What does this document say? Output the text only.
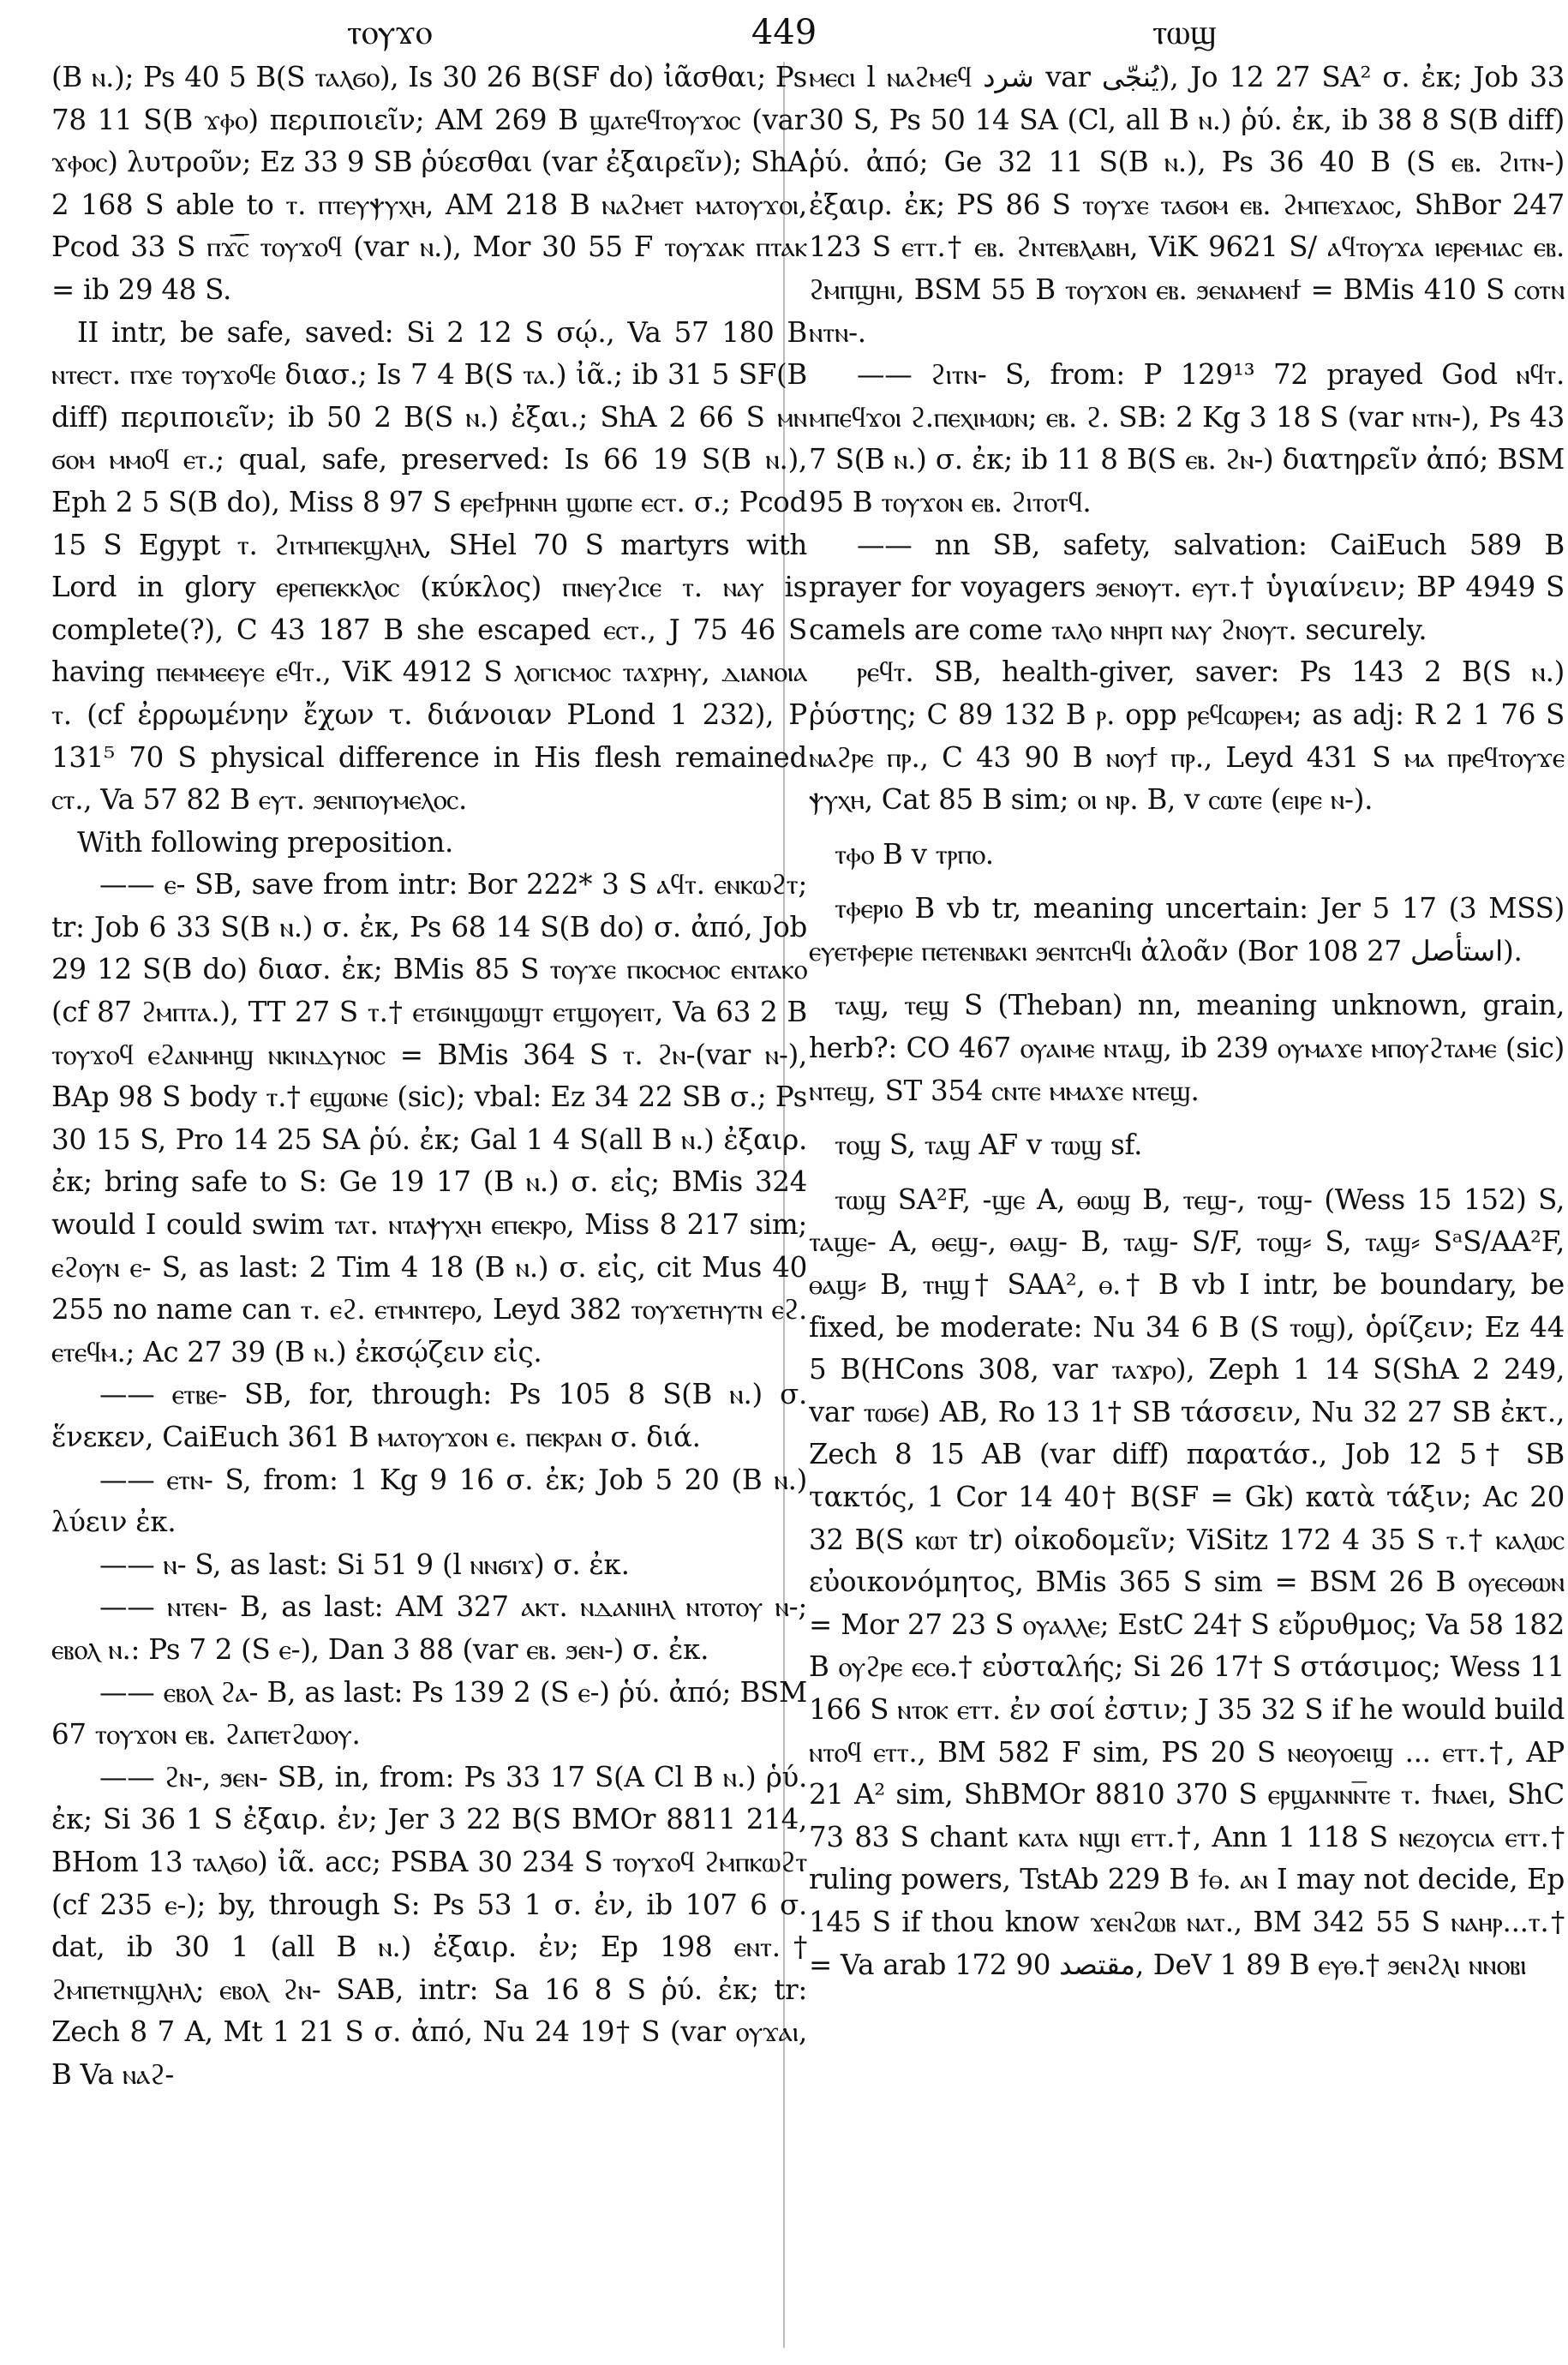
449
ⲧⲟⲩϫⲟ	ⲧⲱϣ

(B ⲛ.); Ps 40 5 B(S ⲧⲁⲗϭⲟ), Is 30 26 B(SF do) ἰᾶσθαι; Ps 78 11 S(B ϫⲫⲟ) περιποιεῖν; AM 269 B ϣⲁⲧⲉϥⲧⲟⲩϫⲟⲥ (var ϫⲫⲟⲥ) λυτροῦν; Ez 33 9 SB ῥύεσθαι (var ἐξαιρεῖν); ShA 2 168 S able to ⲧ. ⲡⲧⲉⲩⲯⲩⲭⲏ, AM 218 B ⲛⲁϩⲙⲉⲧ ⲙⲁⲧⲟⲩϫⲟⲓ, Pcod 33 S ⲡϫ̅ⲥ̅ ⲧⲟⲩϫⲟϥ (var ⲛ.), Mor 30 55 F ⲧⲟⲩϫⲁⲕ ⲡⲧⲁⲕ = ib 29 48 S.

II intr, be safe, saved: Si 2 12 S σῴ., Va 57 180 B ⲛⲧⲉⲥⲧ. ⲡϫⲉ ⲧⲟⲩϫⲟϥⲉ διασ.; Is 7 4 B(S ⲧⲁ.) ἰᾶ.; ib 31 5 SF(B diff) περιποιεῖν; ib 50 2 B(S ⲛ.) ἐξαι.; ShA 2 66 S ⲙⲛ ϭⲟⲙ ⲙⲙⲟϥ ⲉⲧ.; qual, safe, preserved: Is 66 19 S(B ⲛ.), Eph 2 5 S(B do), Miss 8 97 S ⲉⲣⲉϯⲣⲏⲛⲏ ϣⲱⲡⲉ ⲉⲥⲧ. σ.; Pcod 15 S Egypt ⲧ. ϩⲓⲧⲙⲡⲉⲕϣⲗⲏⲗ, SHel 70 S martyrs with Lord in glory ⲉⲣⲉⲡⲉⲕⲕⲗⲟⲥ (κύκλος) ⲡⲛⲉⲩϩⲓⲥⲉ ⲧ. ⲛⲁⲩ is complete(?), C 43 187 B she escaped ⲉⲥⲧ., J 75 46 S having ⲡⲉⲙⲙⲉⲉⲩⲉ ⲉϥⲧ., ViK 4912 S ⲗⲟⲅⲓⲥⲙⲟⲥ ⲧⲁϫⲣⲏⲩ, ⲇⲓⲁⲛⲟⲓⲁ ⲧ. (cf ἐρρωμένην ἔχων τ. διάνοιαν PLond 1 232), P 131⁵ 70 S physical difference in His flesh remained ⲥⲧ., Va 57 82 B ⲉⲩⲧ. ϧⲉⲛⲡⲟⲩⲙⲉⲗⲟⲥ.

With following preposition.

—— ⲉ- SB, save from intr: Bor 222* 3 S ⲁϥⲧ. ⲉⲛⲕⲱϩⲧ; tr: Job 6 33 S(B ⲛ.) σ. ἐκ, Ps 68 14 S(B do) σ. ἀπό, Job 29 12 S(B do) διασ. ἐκ; BMis 85 S ⲧⲟⲩϫⲉ ⲡⲕⲟⲥⲙⲟⲥ ⲉⲛⲧⲁⲕⲟ (cf 87 ϩⲙⲡⲧⲁ.), TT 27 S ⲧ.† ⲉⲧϭⲓⲛϣⲱϣⲧ ⲉⲧϣⲟⲩⲉⲓⲧ, Va 63 2 B ⲧⲟⲩϫⲟϥ ⲉϩⲁⲛⲙⲏϣ ⲛⲕⲓⲛⲇⲩⲛⲟⲥ = BMis 364 S ⲧ. ϩⲛ-(var ⲛ-), BAp 98 S body ⲧ.† ⲉϣⲱⲛⲉ (sic); vbal: Ez 34 22 SB σ.; Ps 30 15 S, Pro 14 25 SA ῥύ. ἐκ; Gal 1 4 S(all B ⲛ.) ἐξαιρ. ἐκ; bring safe to S: Ge 19 17 (B ⲛ.) σ. εἰς; BMis 324 would I could swim ⲧⲁⲧ. ⲛⲧⲁⲯⲩⲭⲏ ⲉⲡⲉⲕⲣⲟ, Miss 8 217 sim; ⲉϩⲟⲩⲛ ⲉ- S, as last: 2 Tim 4 18 (B ⲛ.) σ. εἰς, cit Mus 40 255 no name can ⲧ. ⲉϩ. ⲉⲧⲙⲛⲧⲉⲣⲟ, Leyd 382 ⲧⲟⲩϫⲉⲧⲏⲩⲧⲛ ⲉϩ. ⲉⲧⲉϥⲙ.; Ac 27 39 (B ⲛ.) ἐκσῴζειν εἰς.

—— ⲉⲧⲃⲉ- SB, for, through: Ps 105 8 S(B ⲛ.) σ. ἕνεκεν, CaiEuch 361 B ⲙⲁⲧⲟⲩϫⲟⲛ ⲉ. ⲡⲉⲕⲣⲁⲛ σ. διά.

—— ⲉⲧⲛ- S, from: 1 Kg 9 16 σ. ἐκ; Job 5 20 (B ⲛ.) λύειν ἐκ.

—— ⲛ- S, as last: Si 51 9 (l ⲛⲛϭⲓϫ) σ. ἐκ.

—— ⲛⲧⲉⲛ- B, as last: AM 327 ⲁⲕⲧ. ⲛⲇⲁⲛⲓⲏⲗ ⲛⲧⲟⲧⲟⲩ ⲛ-; ⲉⲃⲟⲗ ⲛ.: Ps 7 2 (S ⲉ-), Dan 3 88 (var ⲉⲃ. ϧⲉⲛ-) σ. ἐκ.

—— ⲉⲃⲟⲗ ϩⲁ- B, as last: Ps 139 2 (S ⲉ-) ῥύ. ἀπό; BSM 67 ⲧⲟⲩϫⲟⲛ ⲉⲃ. ϩⲁⲡⲉⲧϩⲱⲟⲩ.

—— ϩⲛ-, ϧⲉⲛ- SB, in, from: Ps 33 17 S(A Cl B ⲛ.) ῥύ. ἐκ; Si 36 1 S ἐξαιρ. ἐν; Jer 3 22 B(S BMOr 8811 214, BHom 13 ⲧⲁⲗϭⲟ) ἰᾶ. acc; PSBA 30 234 S ⲧⲟⲩϫⲟϥ ϩⲙⲡⲕⲱϩⲧ (cf 235 ⲉ-); by, through S: Ps 53 1 σ. ἐν, ib 107 6 σ. dat, ib 30 1 (all B ⲛ.) ἐξαιρ. ἐν; Ep 198 ⲉⲛⲧ.† ϩⲙⲡⲉⲧⲛϣⲗⲏⲗ; ⲉⲃⲟⲗ ϩⲛ- SAB, intr: Sa 16 8 S ῥύ. ἐκ; tr: Zech 8 7 A, Mt 1 21 S σ. ἀπό, Nu 24 19† S (var ⲟⲩϫⲁⲓ, B Va ⲛⲁϩ-

ⲙⲉⲥⲓ l ⲛⲁϩⲙⲉϥ شرد var يُنجّى), Jo 12 27 SA² σ. ἐκ; Job 33 30 S, Ps 50 14 SA (Cl, all B ⲛ.) ῥύ. ἐκ, ib 38 8 S(B diff) ῥύ. ἀπό; Ge 32 11 S(B ⲛ.), Ps 36 40 B (S ⲉⲃ. ϩⲓⲧⲛ-) ἐξαιρ. ἐκ; PS 86 S ⲧⲟⲩϫⲉ ⲧⲁϭⲟⲙ ⲉⲃ. ϩⲙⲡⲉϫⲁⲟⲥ, ShBor 247 123 S ⲉⲧⲧ.† ⲉⲃ. ϩⲛⲧⲉⲃⲗⲁⲃⲏ, ViK 9621 S/ ⲁϥⲧⲟⲩϫⲁ ⲓⲉⲣⲉⲙⲓⲁⲥ ⲉⲃ. ϩⲙⲡϣⲏⲓ, BSM 55 B ⲧⲟⲩϫⲟⲛ ⲉⲃ. ϧⲉⲛⲁⲙⲉⲛϯ = BMis 410 S ⲥⲟⲧⲛ ⲛⲧⲛ-.

—— ϩⲓⲧⲛ- S, from: P 129¹³ 72 prayed God ⲛϥⲧ. ⲙⲡⲉϥϫⲟⲓ ϩ.ⲡⲉⲭⲓⲙⲱⲛ; ⲉⲃ. ϩ. SB: 2 Kg 3 18 S (var ⲛⲧⲛ-), Ps 43 7 S(B ⲛ.) σ. ἐκ; ib 11 8 B(S ⲉⲃ. ϩⲛ-) διατηρεῖν ἀπό; BSM 95 B ⲧⲟⲩϫⲟⲛ ⲉⲃ. ϩⲓⲧⲟⲧϥ.

—— nn SB, safety, salvation: CaiEuch 589 B prayer for voyagers ϧⲉⲛⲟⲩⲧ. ⲉⲩⲧ.† ὑγιαίνειν; BP 4949 S camels are come ⲧⲁⲗⲟ ⲛⲏⲣⲡ ⲛⲁⲩ ϩⲛⲟⲩⲧ. securely.

ⲣⲉϥⲧ. SB, health-giver, saver: Ps 143 2 B(S ⲛ.) ῥύστης; C 89 132 B ⲣ. opp ⲣⲉϥⲥⲱⲣⲉⲙ; as adj: R 2 1 76 S ⲛⲁϩⲣⲉ ⲡⲣ., C 43 90 B ⲛⲟⲩϯ ⲡⲣ., Leyd 431 S ⲙⲁ ⲡⲣⲉϥⲧⲟⲩϫⲉ ⲯⲩⲭⲏ, Cat 85 B sim; ⲟⲓ ⲛⲣ. B, v ⲥⲱⲧⲉ (ⲉⲓⲣⲉ ⲛ-).

ⲧⲫⲟ B v ⲧⲣⲡⲟ.

ⲧⲫⲉⲣⲓⲟ B vb tr, meaning uncertain: Jer 5 17 (3 MSS) ⲉⲩⲉⲧⲫⲉⲣⲓⲉ ⲡⲉⲧⲉⲛⲃⲁⲕⲓ ϧⲉⲛⲧⲥⲏϥⲓ ἀλοᾶν (Bor 108 27 استأصل).

ⲧⲁϣ, ⲧⲉϣ S (Theban) nn, meaning unknown, grain, herb?: CO 467 ⲟⲩⲁⲓⲙⲉ ⲛⲧⲁϣ, ib 239 ⲟⲩⲙⲁϫⲉ ⲙⲡⲟⲩϩⲧⲁⲙⲉ (sic) ⲛⲧⲉϣ, ST 354 ⲥⲛⲧⲉ ⲙⲙⲁϫⲉ ⲛⲧⲉϣ.

ⲧⲟϣ S, ⲧⲁϣ AF v ⲧⲱϣ sf.

ⲧⲱϣ SA²F, -ϣⲉ A, ⲑⲱϣ B, ⲧⲉϣ-, ⲧⲟϣ- (Wess 15 152) S, ⲧⲁϣⲉ- A, ⲑⲉϣ-, ⲑⲁϣ- B, ⲧⲁϣ- S/F, ⲧⲟϣ⸗ S, ⲧⲁϣ⸗ SᵃS/AA²F, ⲑⲁϣ⸗ B, ⲧⲏϣ† SAA², ⲑ.† B vb I intr, be boundary, be fixed, be moderate: Nu 34 6 B (S ⲧⲟϣ), ὁρίζειν; Ez 44 5 B(HCons 308, var ⲧⲁϫⲣⲟ), Zeph 1 14 S(ShA 2 249, var ⲧⲱϭⲉ) AB, Ro 13 1† SB τάσσειν, Nu 32 27 SB ἐκτ., Zech 8 15 AB (var diff) παρατάσ., Job 12 5† SB τακτός, 1 Cor 14 40† B(SF = Gk) κατὰ τάξιν; Ac 20 32 B(S ⲕⲱⲧ tr) οἰκοδομεῖν; ViSitz 172 4 35 S ⲧ.† ⲕⲁⲗⲱⲥ εὐοικονόμητος, BMis 365 S sim = BSM 26 B ⲟⲩⲉⲥⲑⲱⲛ = Mor 27 23 S ⲟⲩⲁⲗⲗⲉ; EstC 24† S εὔρυθμος; Va 58 182 B ⲟⲩϩⲣⲉ ⲉⲥⲑ.† εὐσταλής; Si 26 17† S στάσιμος; Wess 11 166 S ⲛⲧⲟⲕ ⲉⲧⲧ. ἐν σοί ἐστιν; J 35 32 S if he would build ⲛⲧⲟϥ ⲉⲧⲧ., BM 582 F sim, PS 20 S ⲛⲉⲟⲩⲟⲉⲓϣ ... ⲉⲧⲧ.†, AP 21 A² sim, ShBMOr 8810 370 S ⲉⲣϣⲁⲛⲛⲛ̅ⲧⲉ ⲧ. ϯⲛⲁⲉⲓ, ShC 73 83 S chant ⲕⲁⲧⲁ ⲛϣⲓ ⲉⲧⲧ.†, Ann 1 118 S ⲛⲉⲍⲟⲩⲥⲓⲁ ⲉⲧⲧ.† ruling powers, TstAb 229 B ϯⲑ. ⲁⲛ I may not decide, Ep 145 S if thou know ϫⲉⲛϩⲱⲃ ⲛⲁⲧ., BM 342 55 S ⲛⲁⲏⲣ...ⲧ.† = Va arab 172 90 مقتصد, DeV 1 89 B ⲉⲩⲑ.† ϧⲉⲛϩⲗⲓ ⲛⲛⲟⲃⲓ
